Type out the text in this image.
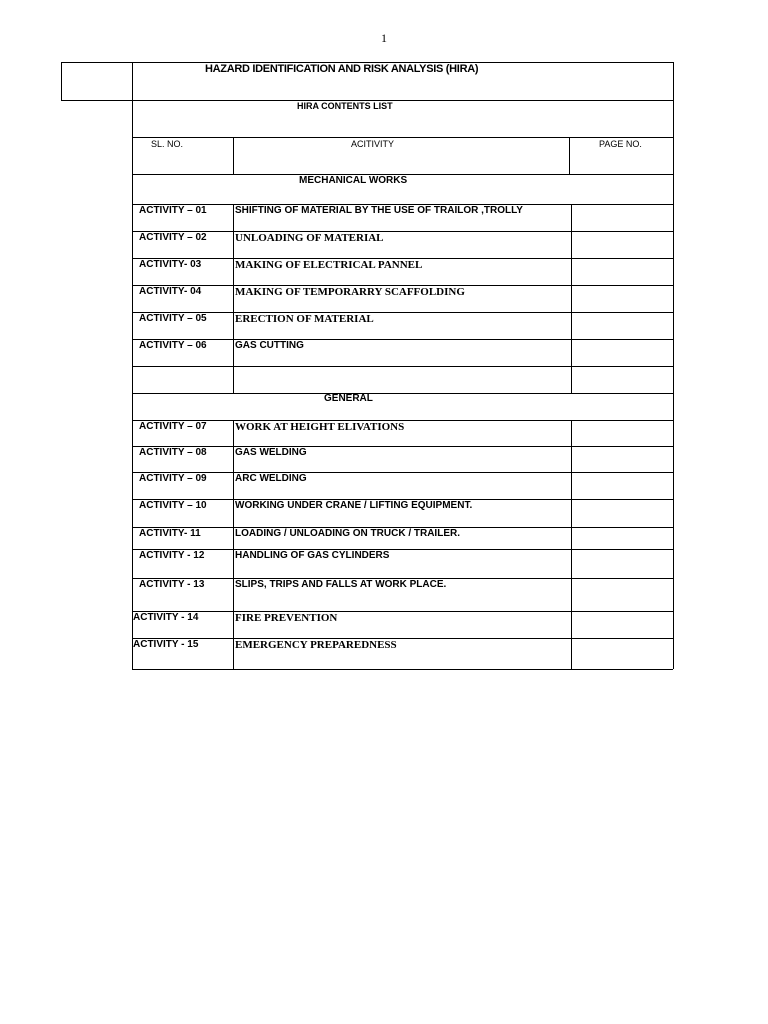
1
HAZARD IDENTIFICATION AND RISK ANALYSIS (HIRA)
HIRA CONTENTS LIST
SL. NO.	ACITIVITY	PAGE NO.
MECHANICAL WORKS
ACTIVITY – 01	SHIFTING OF MATERIAL BY THE USE OF TRAILOR ,TROLLY
ACTIVITY – 02	UNLOADING OF MATERIAL
ACTIVITY- 03	MAKING OF ELECTRICAL PANNEL
ACTIVITY- 04	MAKING OF TEMPORARRY SCAFFOLDING
ACTIVITY – 05	ERECTION OF MATERIAL
ACTIVITY – 06	GAS CUTTING
GENERAL
ACTIVITY – 07	WORK AT HEIGHT ELIVATIONS
ACTIVITY – 08	GAS WELDING
ACTIVITY – 09	ARC WELDING
ACTIVITY – 10	WORKING UNDER CRANE / LIFTING EQUIPMENT.
ACTIVITY- 11	LOADING / UNLOADING ON TRUCK / TRAILER.
ACTIVITY - 12	HANDLING OF GAS CYLINDERS
ACTIVITY - 13	SLIPS, TRIPS AND FALLS AT WORK PLACE.
ACTIVITY - 14	FIRE PREVENTION
ACTIVITY - 15	EMERGENCY PREPAREDNESS
